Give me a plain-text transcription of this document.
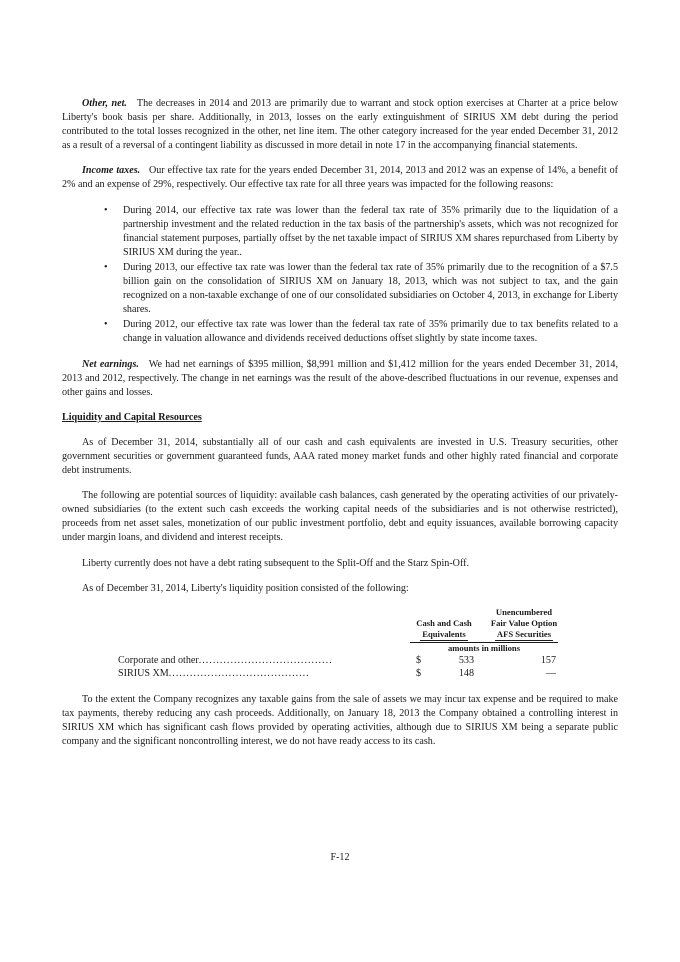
Other, net. The decreases in 2014 and 2013 are primarily due to warrant and stock option exercises at Charter at a price below Liberty's book basis per share. Additionally, in 2013, losses on the early extinguishment of SIRIUS XM debt during the period contributed to the total losses recognized in the other, net line item. The other category increased for the year ended December 31, 2012 as a result of a reversal of a contingent liability as discussed in more detail in note 17 in the accompanying financial statements.

Income taxes. Our effective tax rate for the years ended December 31, 2014, 2013 and 2012 was an expense of 14%, a benefit of 2% and an expense of 29%, respectively. Our effective tax rate for all three years was impacted for the following reasons:

• During 2014, our effective tax rate was lower than the federal tax rate of 35% primarily due to the liquidation of a partnership investment and the related reduction in the tax basis of the partnership's assets, which was not recognized for financial statement purposes, partially offset by the net taxable impact of SIRIUS XM shares repurchased from Liberty by SIRIUS XM during the year..
• During 2013, our effective tax rate was lower than the federal tax rate of 35% primarily due to the recognition of a $7.5 billion gain on the consolidation of SIRIUS XM on January 18, 2013, which was not subject to tax, and the gain recognized on a non-taxable exchange of one of our consolidated subsidiaries on October 4, 2013, in exchange for Liberty shares.
• During 2012, our effective tax rate was lower than the federal tax rate of 35% primarily due to tax benefits related to a change in valuation allowance and dividends received deductions offset slightly by state income taxes.

Net earnings. We had net earnings of $395 million, $8,991 million and $1,412 million for the years ended December 31, 2014, 2013 and 2012, respectively. The change in net earnings was the result of the above-described fluctuations in our revenue, expenses and other gains and losses.

Liquidity and Capital Resources

As of December 31, 2014, substantially all of our cash and cash equivalents are invested in U.S. Treasury securities, other government securities or government guaranteed funds, AAA rated money market funds and other highly rated financial and corporate debt instruments.

The following are potential sources of liquidity: available cash balances, cash generated by the operating activities of our privately-owned subsidiaries (to the extent such cash exceeds the working capital needs of the subsidiaries and is not otherwise restricted), proceeds from net asset sales, monetization of our public investment portfolio, debt and equity issuances, available borrowing capacity under margin loans, and dividend and interest receipts.

Liberty currently does not have a debt rating subsequent to the Split-Off and the Starz Spin-Off.

As of December 31, 2014, Liberty's liquidity position consisted of the following:

Cash and Cash
Equivalents
Unencumbered
Fair Value Option
AFS Securities
amounts in millions
Corporate and other......................................	$	533	157
SIRIUS XM........................................	$	148	—

To the extent the Company recognizes any taxable gains from the sale of assets we may incur tax expense and be required to make tax payments, thereby reducing any cash proceeds. Additionally, on January 18, 2013 the Company obtained a controlling interest in SIRIUS XM which has significant cash flows provided by operating activities, although due to SIRIUS XM being a separate public company and the significant noncontrolling interest, we do not have ready access to its cash.

F-12
